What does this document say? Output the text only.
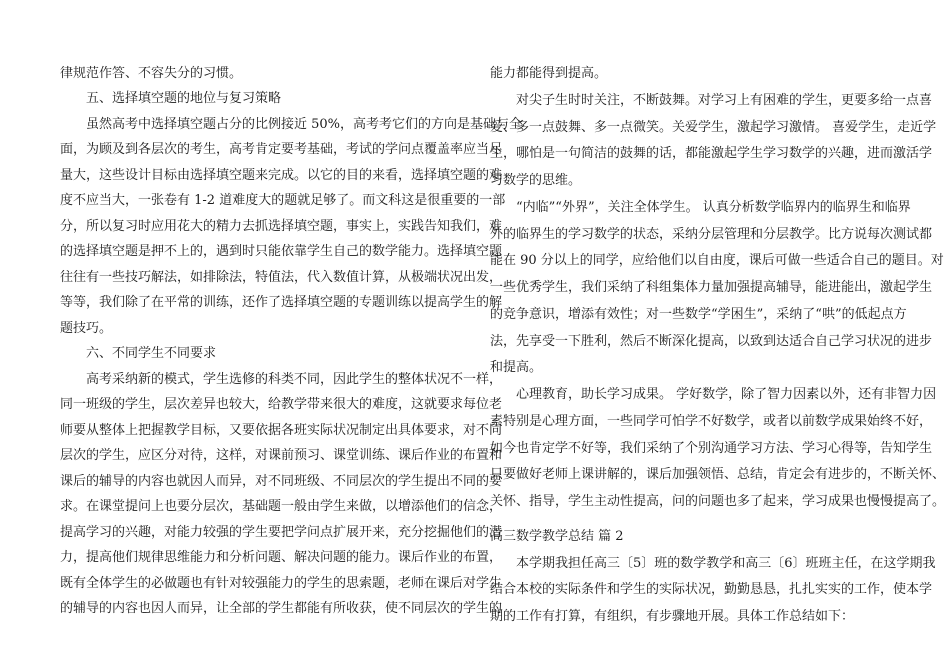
律规范作答、不容失分的习惯。
五、选择填空题的地位与复习策略
虽然高考中选择填空题占分的比例接近 50%，高考考它们的方向是基础与全
面，为顾及到各层次的考生，高考肯定要考基础，考试的学问点覆盖率应当尽
量大，这些设计目标由选择填空题来完成。以它的目的来看，选择填空题的难
度不应当大，一张卷有 1-2 道难度大的题就足够了。而文科这是很重要的一部
分，所以复习时应用花大的精力去抓选择填空题，事实上，实践告知我们，难
的选择填空题是押不上的，遇到时只能依靠学生自己的数学能力。选择填空题
往往有一些技巧解法，如排除法，特值法，代入数值计算，从极端状况出发，
等等，我们除了在平常的训练，还作了选择填空题的专题训练以提高学生的解
题技巧。
六、不同学生不同要求
高考采纳新的模式，学生选修的科类不同，因此学生的整体状况不一样，
同一班级的学生，层次差异也较大，给教学带来很大的难度，这就要求每位老
师要从整体上把握教学目标，又要依据各班实际状况制定出具体要求，对不同
层次的学生，应区分对待，这样，对课前预习、课堂训练、课后作业的布置和
课后的辅导的内容也就因人而异，对不同班级、不同层次的学生提出不同的要
求。在课堂提问上也要分层次，基础题一般由学生来做，以增添他们的信念，
提高学习的兴趣，对能力较强的学生要把学问点扩展开来，充分挖掘他们的潜
力，提高他们规律思维能力和分析问题、解决问题的能力。课后作业的布置，
既有全体学生的必做题也有针对较强能力的学生的思索题，老师在课后对学生
的辅导的内容也因人而异，让全部的学生都能有所收获，使不同层次的学生的
能力都能得到提高。
对尖子生时时关注，不断鼓舞。对学习上有困难的学生，更要多给一点喜
爱、多一点鼓舞、多一点微笑。关爱学生，激起学习激情。 喜爱学生，走近学
生，哪怕是一句简洁的鼓舞的话，都能激起学生学习数学的兴趣，进而激活学
习数学的思维。
“内临”“外界”，关注全体学生。 认真分析数学临界内的临界生和临界
外的临界生的学习数学的状态，采纳分层管理和分层教学。比方说每次测试都
能在 90 分以上的同学，应给他们以自由度，课后可做一些适合自己的题目。对
一些优秀学生，我们采纳了科组集体力量加强提高辅导，能进能出，激起学生
的竞争意识，增添有效性；对一些数学“学困生”，采纳了“哄”的低起点方
法，先享受一下胜利，然后不断深化提高，以致到达适合自己学习状况的进步
和提高。
心理教育，助长学习成果。 学好数学，除了智力因素以外，还有非智力因
素特别是心理方面，一些同学可怕学不好数学，或者以前数学成果始终不好，
如今也肯定学不好等，我们采纳了个别沟通学习方法、学习心得等，告知学生
只要做好老师上课讲解的，课后加强领悟、总结，肯定会有进步的，不断关怀、
关怀、指导，学生主动性提高，问的问题也多了起来，学习成果也慢慢提高了。
高三数学教学总结 篇 2
本学期我担任高三〔5〕班的数学教学和高三〔6〕班班主任，在这学期我
结合本校的实际条件和学生的实际状况，勤勤恳恳，扎扎实实的工作，使本学
期的工作有打算，有组织，有步骤地开展。具体工作总结如下：
